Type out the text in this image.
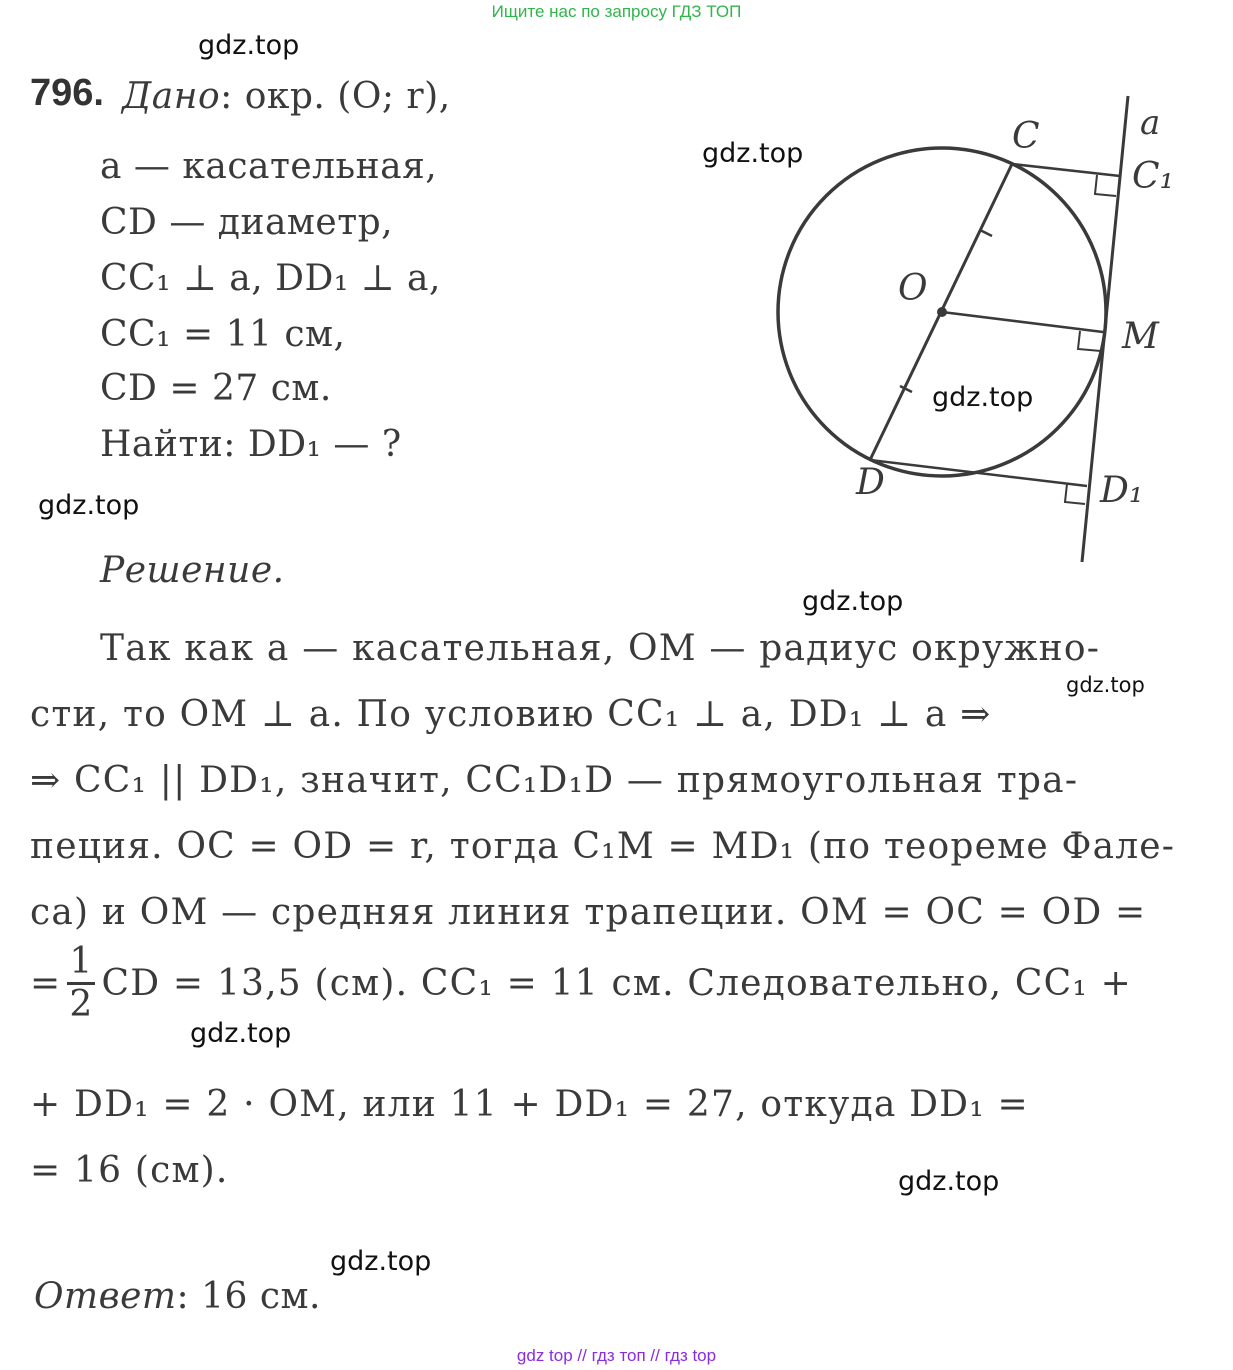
Ищите нас по запросу ГДЗ ТОП
gdz.top
gdz.top
gdz.top
gdz.top
gdz.top
gdz.top
gdz.top
gdz.top
gdz.top
796. Дано: окр. (O; r),
a — касательная,
CD — диаметр,
CC₁ ⊥ a, DD₁ ⊥ a,
CC₁ = 11 см,
CD = 27 см.
Найти: DD₁ — ?
Решение.
Так как a — касательная, OM — радиус окружно-
сти, то OM ⊥ a. По условию CC₁ ⊥ a, DD₁ ⊥ a ⇒
⇒ CC₁ || DD₁, значит, CC₁D₁D — прямоугольная тра-
пеция. OC = OD = r, тогда C₁M = MD₁ (по теореме Фале-
са) и OM — средняя линия трапеции. OM = OC = OD =
= $\frac{1}{2}$ CD = 13,5 (см). CC₁ = 11 см. Следовательно, CC₁ +
+ DD₁ = 2 · OM, или 11 + DD₁ = 27, откуда DD₁ =
= 16 (см).
Ответ: 16 см.
C
C₁
a
O
M
D	D₁
gdz top // гдз топ // гдз top
